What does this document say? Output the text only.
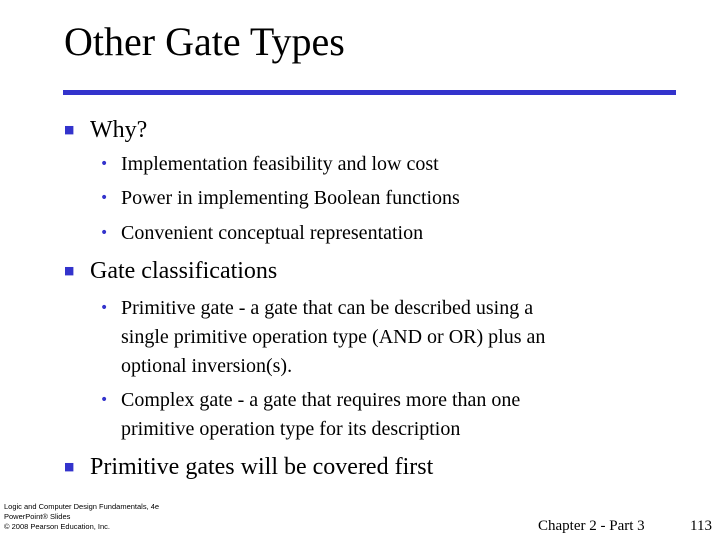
Other Gate Types
■ Why?
• Implementation feasibility and low cost
• Power in implementing Boolean functions
• Convenient conceptual representation
■ Gate classifications
• Primitive gate - a gate that can be described using a
single primitive operation type (AND or OR) plus an
optional inversion(s).
• Complex gate - a gate that requires more than one
primitive operation type for its description
■ Primitive gates will be covered first
Logic and Computer Design Fundamentals, 4e
PowerPoint® Slides
© 2008 Pearson Education, Inc.	Chapter 2 - Part 3	113
